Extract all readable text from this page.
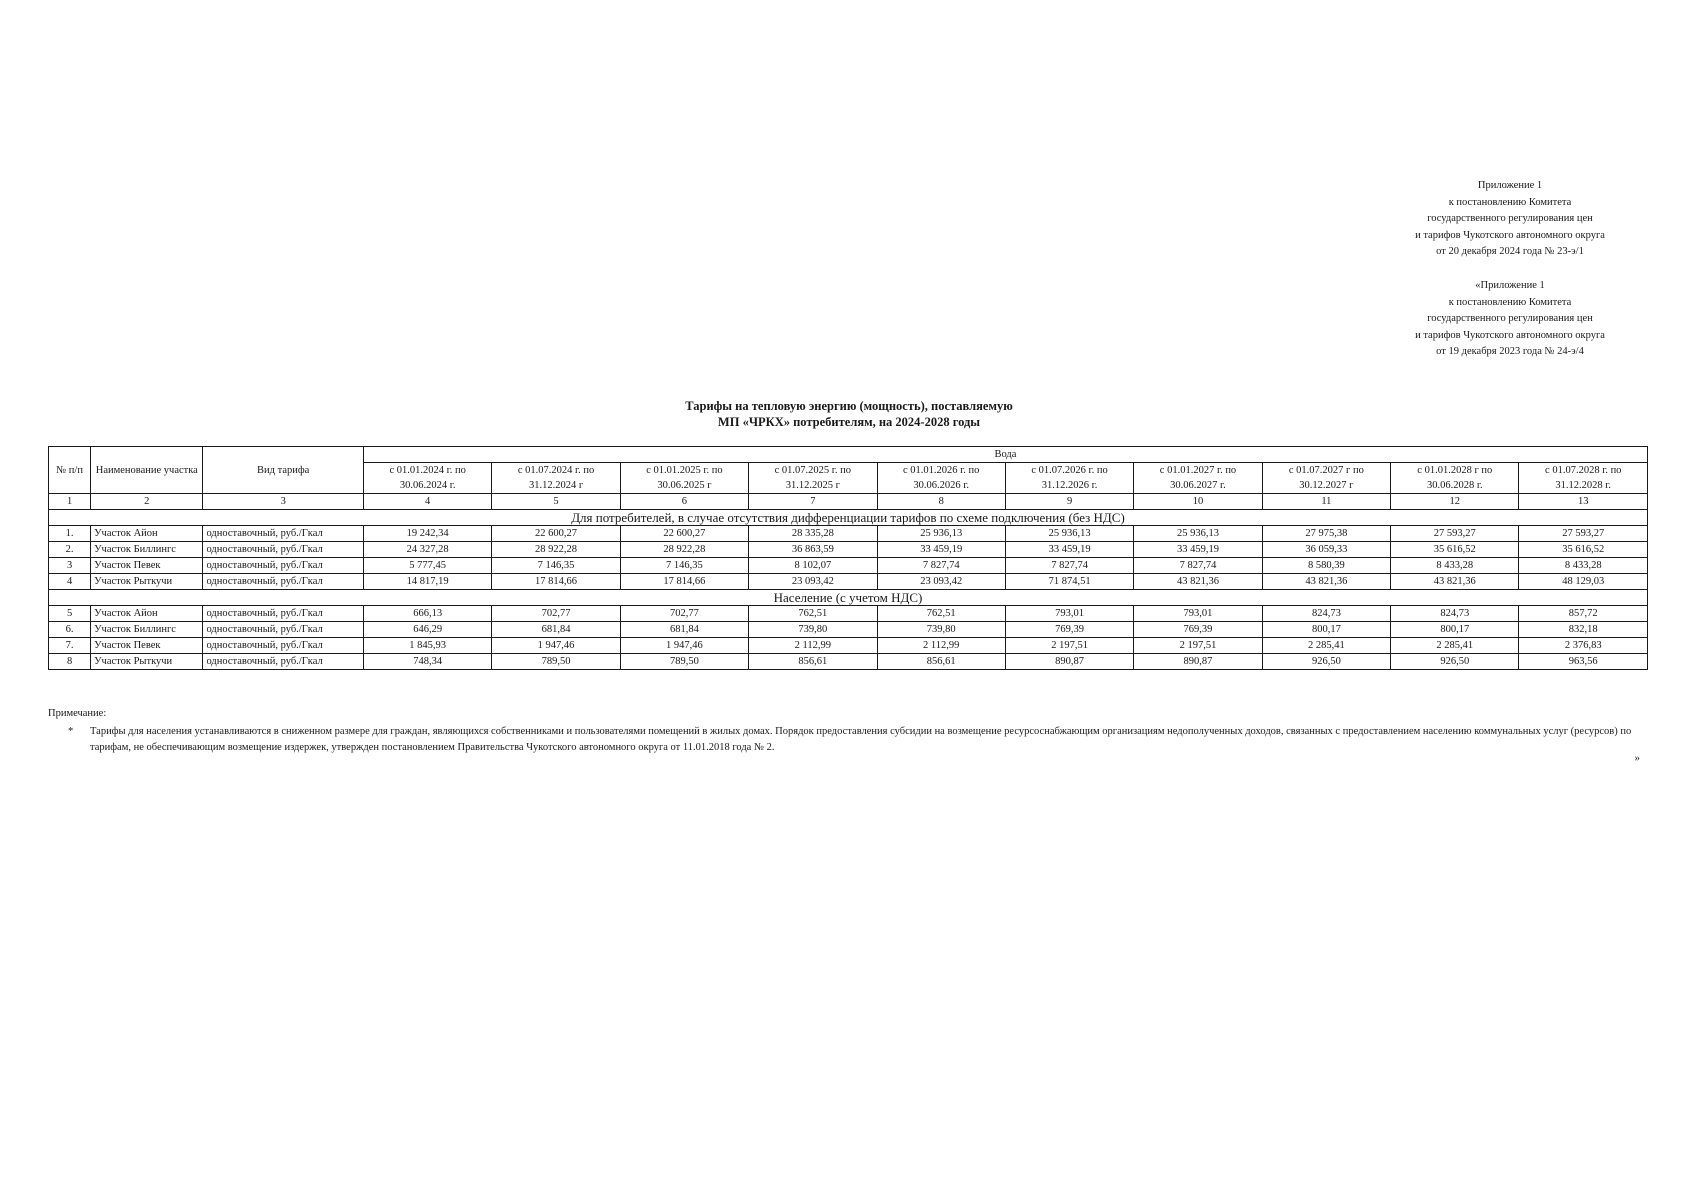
Приложение 1
к постановлению Комитета
государственного регулирования цен
и тарифов Чукотского автономного округа
от 20 декабря 2024 года № 23-э/1
«Приложение 1
к постановлению Комитета
государственного регулирования цен
и тарифов Чукотского автономного округа
от 19 декабря 2023 года № 24-э/4
Тарифы на тепловую энергию (мощность), поставляемую
МП «ЧРКХ» потребителям, на 2024-2028 годы
№ п/п	Наименование участка	Вид тарифа	Вода									
			с 01.01.2024 г. по 30.06.2024 г.	с 01.07.2024 г. по 31.12.2024 г	с 01.01.2025 г. по 30.06.2025 г	с 01.07.2025 г. по 31.12.2025 г	с 01.01.2026 г. по 30.06.2026 г.	с 01.07.2026 г. по 31.12.2026 г.	с 01.01.2027 г. по 30.06.2027 г.	с 01.07.2027 г по 30.12.2027 г	с 01.01.2028 г по 30.06.2028 г.	с 01.07.2028 г. по 31.12.2028 г.
1	2	3	4	5	6	7	8	9	10	11	12	13
Для потребителей, в случае отсутствия дифференциации тарифов по схеме подключения (без НДС)												
1.	Участок Айон	одноставочный, руб./Гкал	19 242,34	22 600,27	22 600,27	28 335,28	25 936,13	25 936,13	25 936,13	27 975,38	27 593,27	27 593,27
2.	Участок Биллингс	одноставочный, руб./Гкал	24 327,28	28 922,28	28 922,28	36 863,59	33 459,19	33 459,19	33 459,19	36 059,33	35 616,52	35 616,52
3	Участок Певек	одноставочный, руб./Гкал	5 777,45	7 146,35	7 146,35	8 102,07	7 827,74	7 827,74	7 827,74	8 580,39	8 433,28	8 433,28
4	Участок Рыткучи	одноставочный, руб./Гкал	14 817,19	17 814,66	17 814,66	23 093,42	23 093,42	71 874,51	43 821,36	43 821,36	43 821,36	48 129,03
Население (с учетом НДС)												
5	Участок Айон	одноставочный, руб./Гкал	666,13	702,77	702,77	762,51	762,51	793,01	793,01	824,73	824,73	857,72
6.	Участок Биллингс	одноставочный, руб./Гкал	646,29	681,84	681,84	739,80	739,80	769,39	769,39	800,17	800,17	832,18
7.	Участок Певек	одноставочный, руб./Гкал	1 845,93	1 947,46	1 947,46	2 112,99	2 112,99	2 197,51	2 197,51	2 285,41	2 285,41	2 376,83
8	Участок Рыткучи	одноставочный, руб./Гкал	748,34	789,50	789,50	856,61	856,61	890,87	890,87	926,50	926,50	963,56
Примечание:
* Тарифы для населения устанавливаются в сниженном размере для граждан, являющихся собственниками и пользователями помещений в жилых домах. Порядок предоставления субсидии на возмещение ресурсоснабжающим организациям недополученных доходов, связанных с предоставлением населению коммунальных услуг (ресурсов) по тарифам, не обеспечивающим возмещение издержек, утвержден постановлением Правительства Чукотского автономного округа от 11.01.2018 года № 2.
»
